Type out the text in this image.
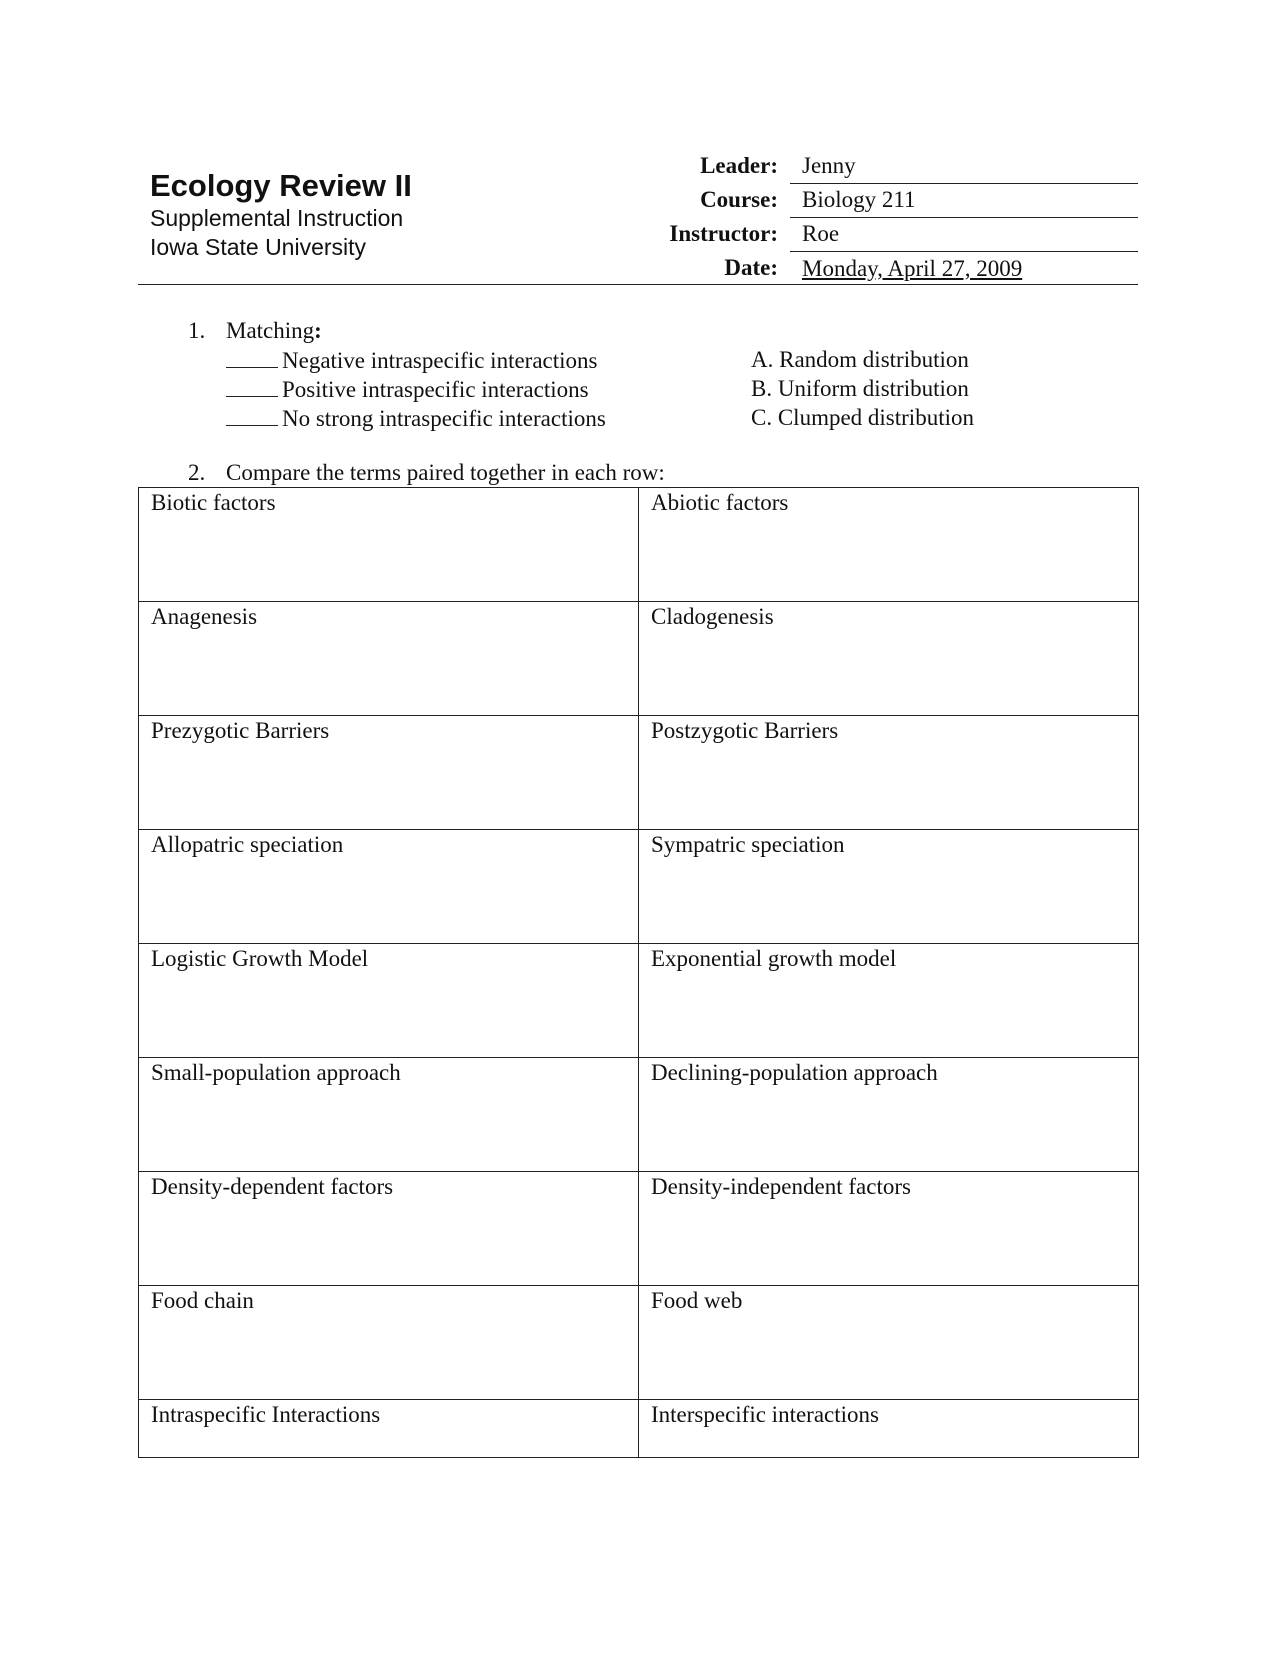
Ecology Review II
Supplemental Instruction
Iowa State University
Leader:	Jenny
Course:	Biology 211
Instructor:	Roe
Date:	Monday, April 27, 2009
1. Matching :
Negative intraspecific interactions	A. Random distribution
Positive intraspecific interactions	B. Uniform distribution
No strong intraspecific interactions	C. Clumped distribution
2. Compare the terms paired together in each row:
Biotic factors	Abiotic factors
Anagenesis	Cladogenesis
Prezygotic Barriers	Postzygotic Barriers
Allopatric speciation	Sympatric speciation
Logistic Growth Model	Exponential growth model
Small-population approach	Declining-population approach
Density-dependent factors	Density-independent factors
Food chain	Food web
Intraspecific Interactions	Interspecific interactions
